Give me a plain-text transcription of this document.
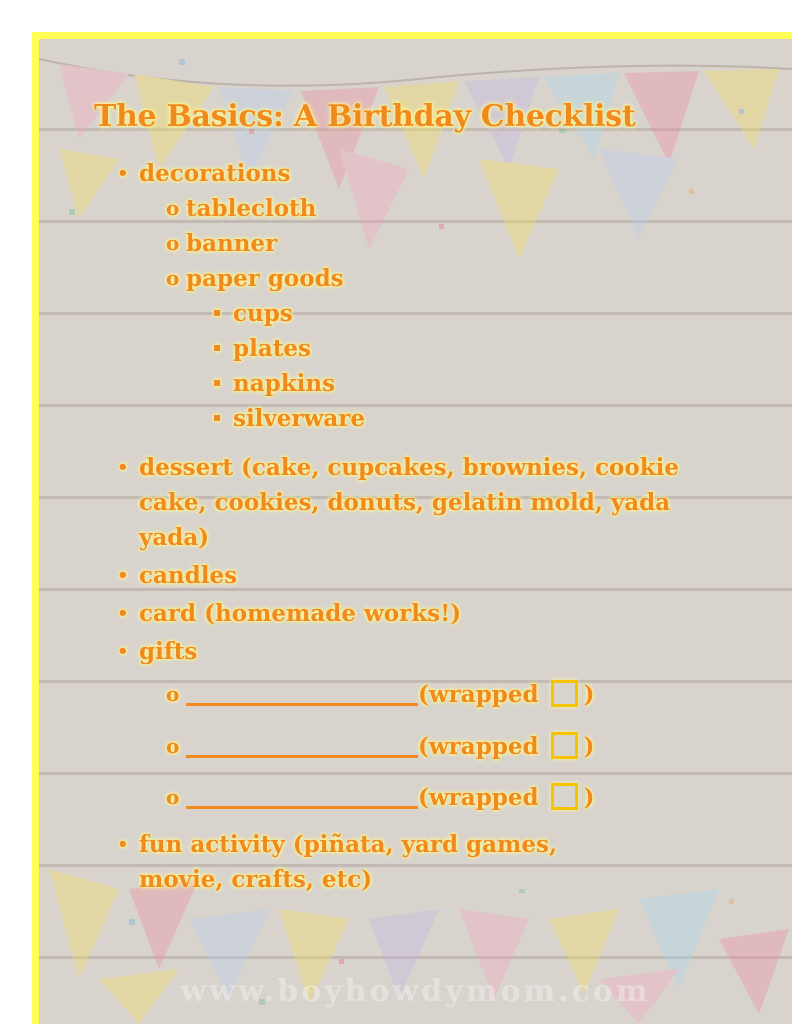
The Basics: A Birthday Checklist
• decorations
o tablecloth
o banner
o paper goods
▪ cups
▪ plates
▪ napkins
▪ silverware
• dessert (cake, cupcakes, brownies, cookie cake, cookies, donuts, gelatin mold, yada yada)
• candles
• card (homemade works!)
• gifts
o	(wrapped )
o	(wrapped )
o	(wrapped )
• fun activity (piñata, yard games, movie, crafts, etc)
www.boyhowdymom.com
